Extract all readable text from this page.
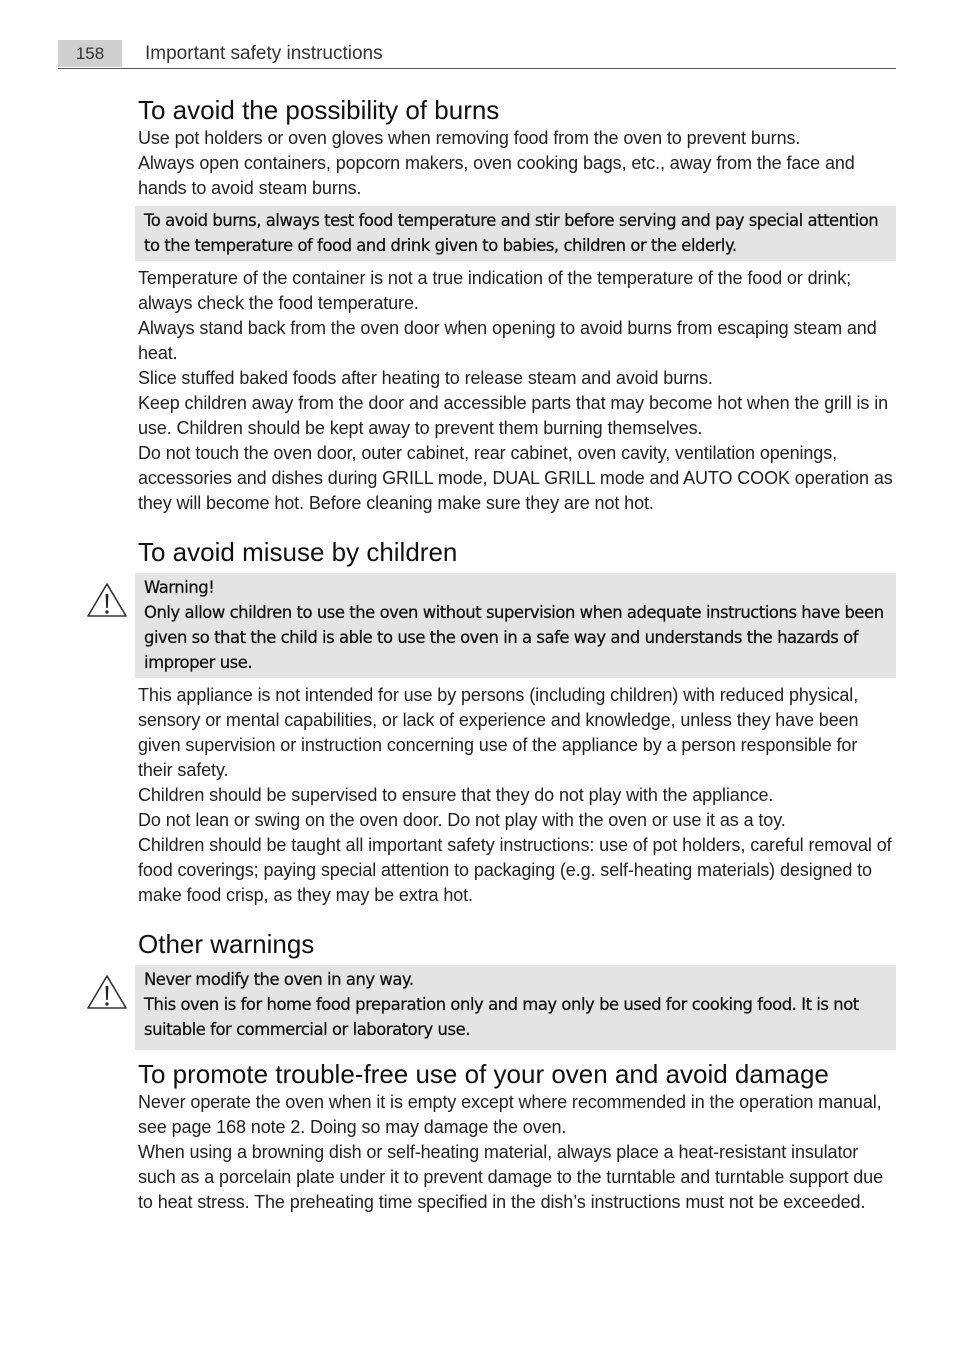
158	Important safety instructions
To avoid the possibility of burns

Use pot holders or oven gloves when removing food from the oven to prevent burns.

Always open containers, popcorn makers, oven cooking bags, etc., away from the face and hands to avoid steam burns.

To avoid burns, always test food temperature and stir before serving and pay special attention to the temperature of food and drink given to babies, children or the elderly.

Temperature of the container is not a true indication of the temperature of the food or drink; always check the food temperature.

Always stand back from the oven door when opening to avoid burns from escaping steam and heat.

Slice stuffed baked foods after heating to release steam and avoid burns.

Keep children away from the door and accessible parts that may become hot when the grill is in use. Children should be kept away to prevent them burning themselves.

Do not touch the oven door, outer cabinet, rear cabinet, oven cavity, ventilation openings, accessories and dishes during GRILL mode, DUAL GRILL mode and AUTO COOK operation as they will become hot. Before cleaning make sure they are not hot.

To avoid misuse by children
Warning!
Only allow children to use the oven without supervision when adequate instructions have been given so that the child is able to use the oven in a safe way and understands the hazards of improper use.

This appliance is not intended for use by persons (including children) with reduced physical, sensory or mental capabilities, or lack of experience and knowledge, unless they have been given supervision or instruction concerning use of the appliance by a person responsible for their safety.

Children should be supervised to ensure that they do not play with the appliance.

Do not lean or swing on the oven door. Do not play with the oven or use it as a toy.

Children should be taught all important safety instructions: use of pot holders, careful removal of food coverings; paying special attention to packaging (e.g. self-heating materials) designed to make food crisp, as they may be extra hot.

Other warnings
Never modify the oven in any way.
This oven is for home food preparation only and may only be used for cooking food. It is not suitable for commercial or laboratory use.
To promote trouble-free use of your oven and avoid damage

Never operate the oven when it is empty except where recommended in the operation manual, see page 168 note 2. Doing so may damage the oven.

When using a browning dish or self-heating material, always place a heat-resistant insulator such as a porcelain plate under it to prevent damage to the turntable and turntable support due to heat stress. The preheating time specified in the dish’s instructions must not be exceeded.
